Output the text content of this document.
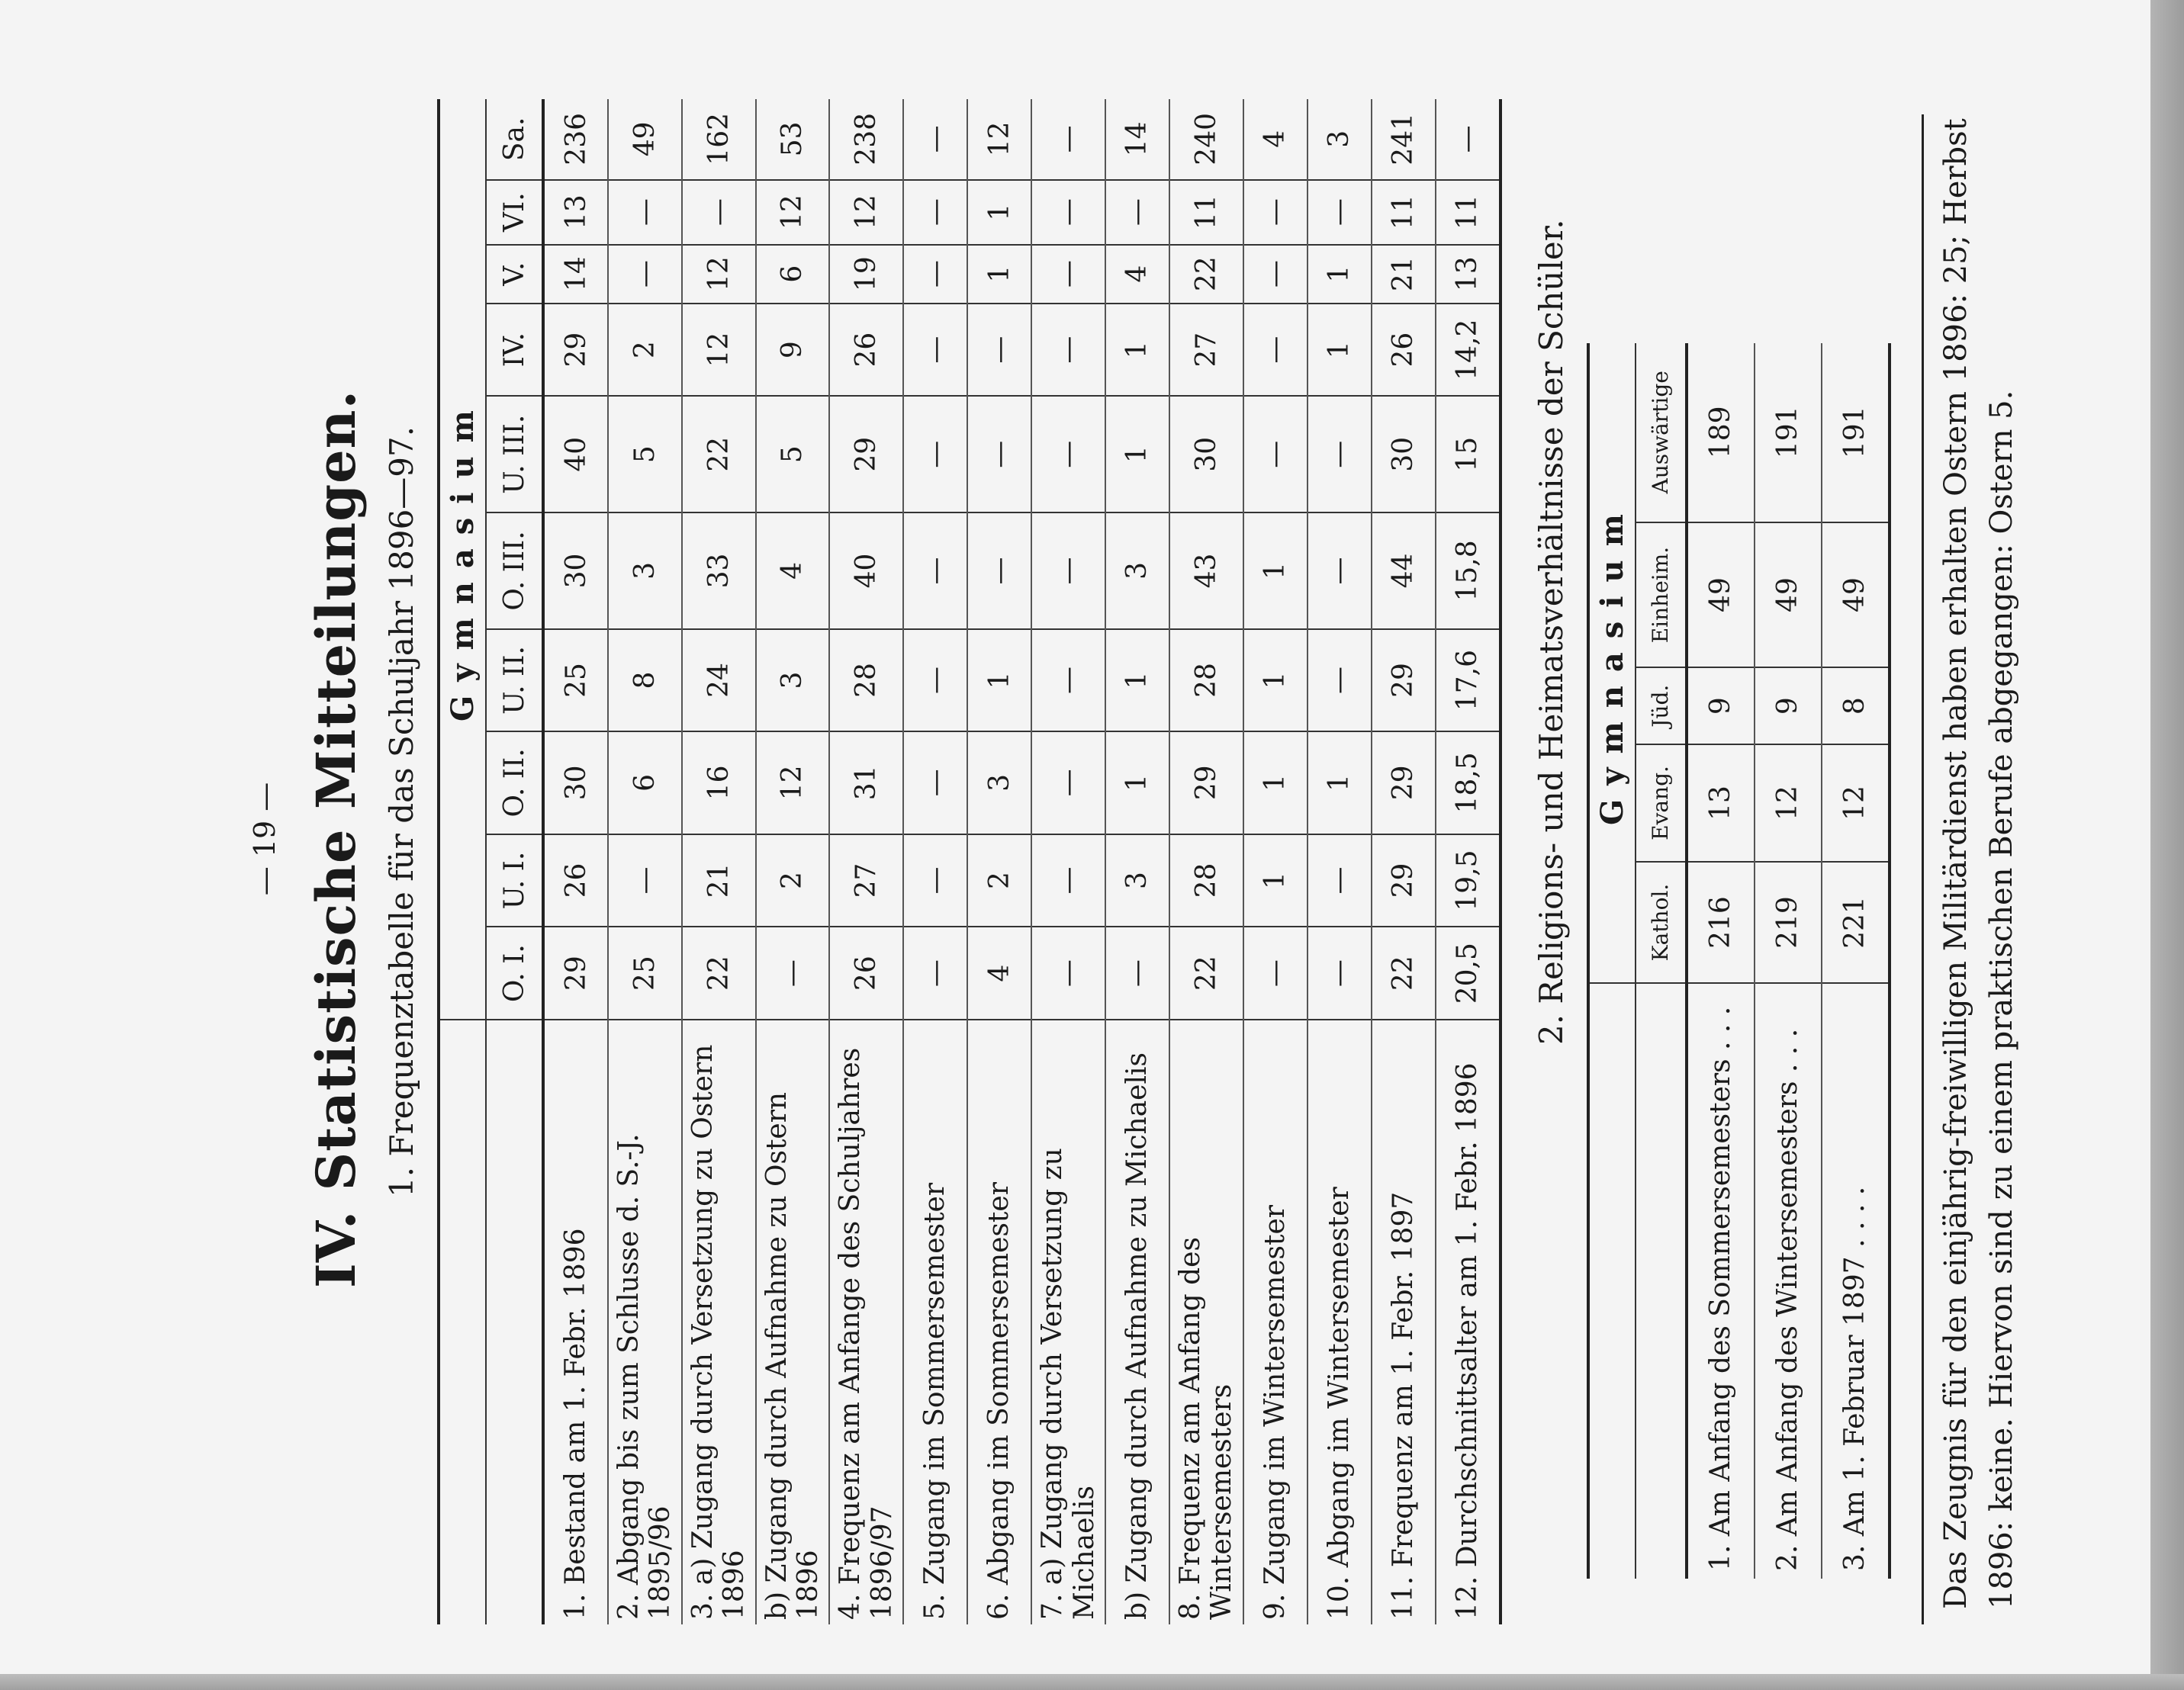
— 19 — IV. Statistische Mitteilungen. 1. Frequenztabelle für das Schuljahr 1896—97.
	Gymnasium									
	O. I.	U. I.	O. II.	U. II.	O. III.	U. III.	IV.	V.	VI.	Sa.
1. Bestand am 1. Febr. 1896	29	26	30	25	30	40	29	14	13	236
2. Abgang bis zum Schlusse d. S.-J. 1895/96	25	—	6	8	3	5	2	—	—	49
3. a) Zugang durch Versetzung zu Ostern 1896	22	21	16	24	33	22	12	12	—	162
b) Zugang durch Aufnahme zu Ostern 1896	—	2	12	3	4	5	9	6	12	53
4. Frequenz am Anfange des Schuljahres 1896/97	26	27	31	28	40	29	26	19	12	238
5. Zugang im Sommersemester	—	—	—	—	—	—	—	—	—	—
6. Abgang im Sommersemester	4	2	3	1	—	—	—	1	1	12
7. a) Zugang durch Versetzung zu Michaelis	—	—	—	—	—	—	—	—	—	—
b) Zugang durch Aufnahme zu Michaelis	—	3	1	1	3	1	1	4	—	14
8. Frequenz am Anfang des Wintersemesters	22	28	29	28	43	30	27	22	11	240
9. Zugang im Wintersemester	—	1	1	1	1	—	—	—	—	4
10. Abgang im Wintersemester	—	—	1	—	—	—	1	1	—	3
11. Frequenz am 1. Febr. 1897	22	29	29	29	44	30	26	21	11	241
12. Durchschnittsalter am 1. Febr. 1896	20,5	19,5	18,5	17,6	15,8	15	14,2	13	11	—
2. Religions- und Heimatsverhältnisse der Schüler.
	Gymnasium				
	Kathol.	Evang.	Jüd.	Einheim.	Auswärtige
1. Am Anfang des Sommersemesters . . .	216	13	9	49	189
2. Am Anfang des Wintersemesters . . .	219	12	9	49	191
3. Am 1. Februar 1897 . . . .	221	12	8	49	191	Das Zeugnis für den einjährig-freiwilligen Militärdienst haben erhalten Ostern 1896: 25; Herbst 1896: keine. Hiervon sind zu einem praktischen Berufe abgegangen: Ostern 5.
